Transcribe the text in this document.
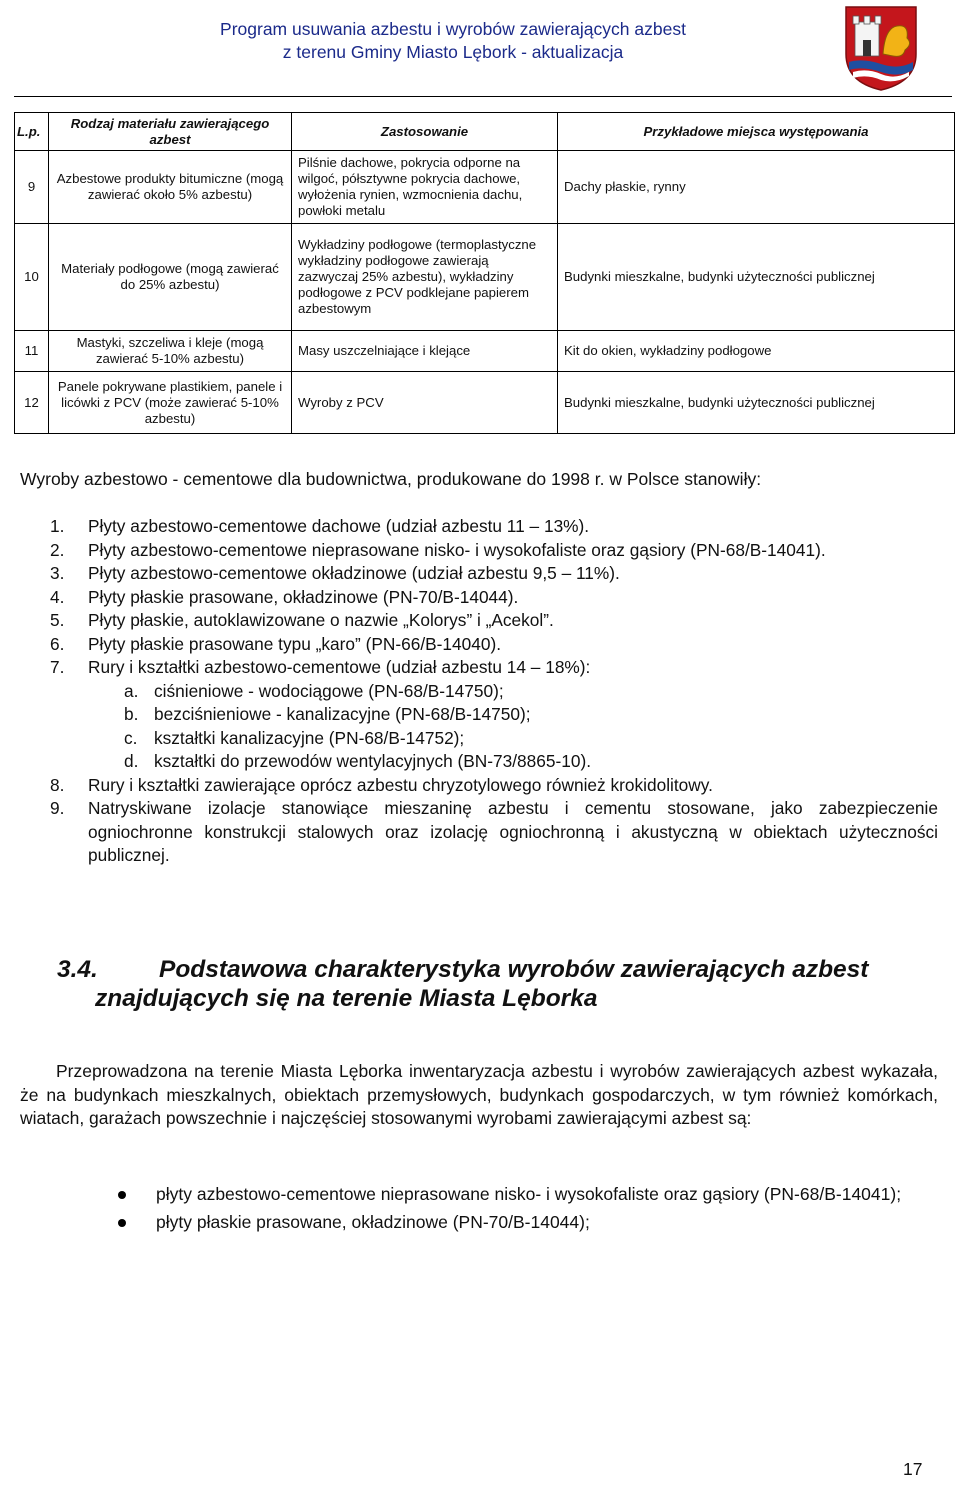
Program usuwania azbestu i wyrobów zawierających azbest
z terenu Gminy Miasto Lębork - aktualizacja
L.p.	Rodzaj materiału zawierającego azbest	Zastosowanie	Przykładowe miejsca występowania
9	Azbestowe produkty bitumiczne (mogą zawierać około 5% azbestu)	Pilśnie dachowe, pokrycia odporne na wilgoć, półsztywne pokrycia dachowe, wyłożenia rynien, wzmocnienia dachu, powłoki metalu	Dachy płaskie, rynny
10	Materiały podłogowe (mogą zawierać do 25% azbestu)	Wykładziny podłogowe (termoplastyczne wykładziny podłogowe zawierają zazwyczaj 25% azbestu), wykładziny podłogowe z PCV podklejane papierem azbestowym	Budynki mieszkalne, budynki użyteczności publicznej
11	Mastyki, szczeliwa i kleje (mogą zawierać 5-10% azbestu)	Masy uszczelniające i klejące	Kit do okien, wykładziny podłogowe
12	Panele pokrywane plastikiem, panele i licówki z PCV (może zawierać 5-10% azbestu)	Wyroby z PCV	Budynki mieszkalne, budynki użyteczności publicznej
Wyroby azbestowo - cementowe dla budownictwa, produkowane do 1998 r. w Polsce stanowiły:
1. Płyty azbestowo-cementowe dachowe (udział azbestu 11 – 13%).
2. Płyty azbestowo-cementowe nieprasowane nisko- i wysokofaliste oraz gąsiory (PN-68/B-14041).
3. Płyty azbestowo-cementowe okładzinowe (udział azbestu 9,5 – 11%).
4. Płyty płaskie prasowane, okładzinowe (PN-70/B-14044).
5. Płyty płaskie, autoklawizowane o nazwie „Kolorys” i „Acekol”.
6. Płyty płaskie prasowane typu „karo” (PN-66/B-14040).
7. Rury i kształtki azbestowo-cementowe (udział azbestu 14 – 18%):
a. ciśnieniowe - wodociągowe (PN-68/B-14750);
b. bezciśnieniowe - kanalizacyjne (PN-68/B-14750);
c. kształtki kanalizacyjne (PN-68/B-14752);
d. kształtki do przewodów wentylacyjnych (BN-73/8865-10).
8. Rury i kształtki zawierające oprócz azbestu chryzotylowego również krokidolitowy.
9. Natryskiwane izolacje stanowiące mieszaninę azbestu i cementu stosowane, jako zabezpieczenie ogniochronne konstrukcji stalowych oraz izolację ogniochronną i akustyczną w obiektach użyteczności publicznej.
3.4. Podstawowa charakterystyka wyrobów zawierających azbest
znajdujących się na terenie Miasta Lęborka

Przeprowadzona na terenie Miasta Lęborka inwentaryzacja azbestu i wyrobów zawierających azbest wykazała, że na budynkach mieszkalnych, obiektach przemysłowych, budynkach gospodarczych, w tym również komórkach, wiatach, garażach powszechnie i najczęściej stosowanymi wyrobami zawierającymi azbest są:

płyty azbestowo-cementowe nieprasowane nisko- i wysokofaliste oraz gąsiory (PN-68/B-14041);
płyty płaskie prasowane, okładzinowe (PN-70/B-14044);
17
